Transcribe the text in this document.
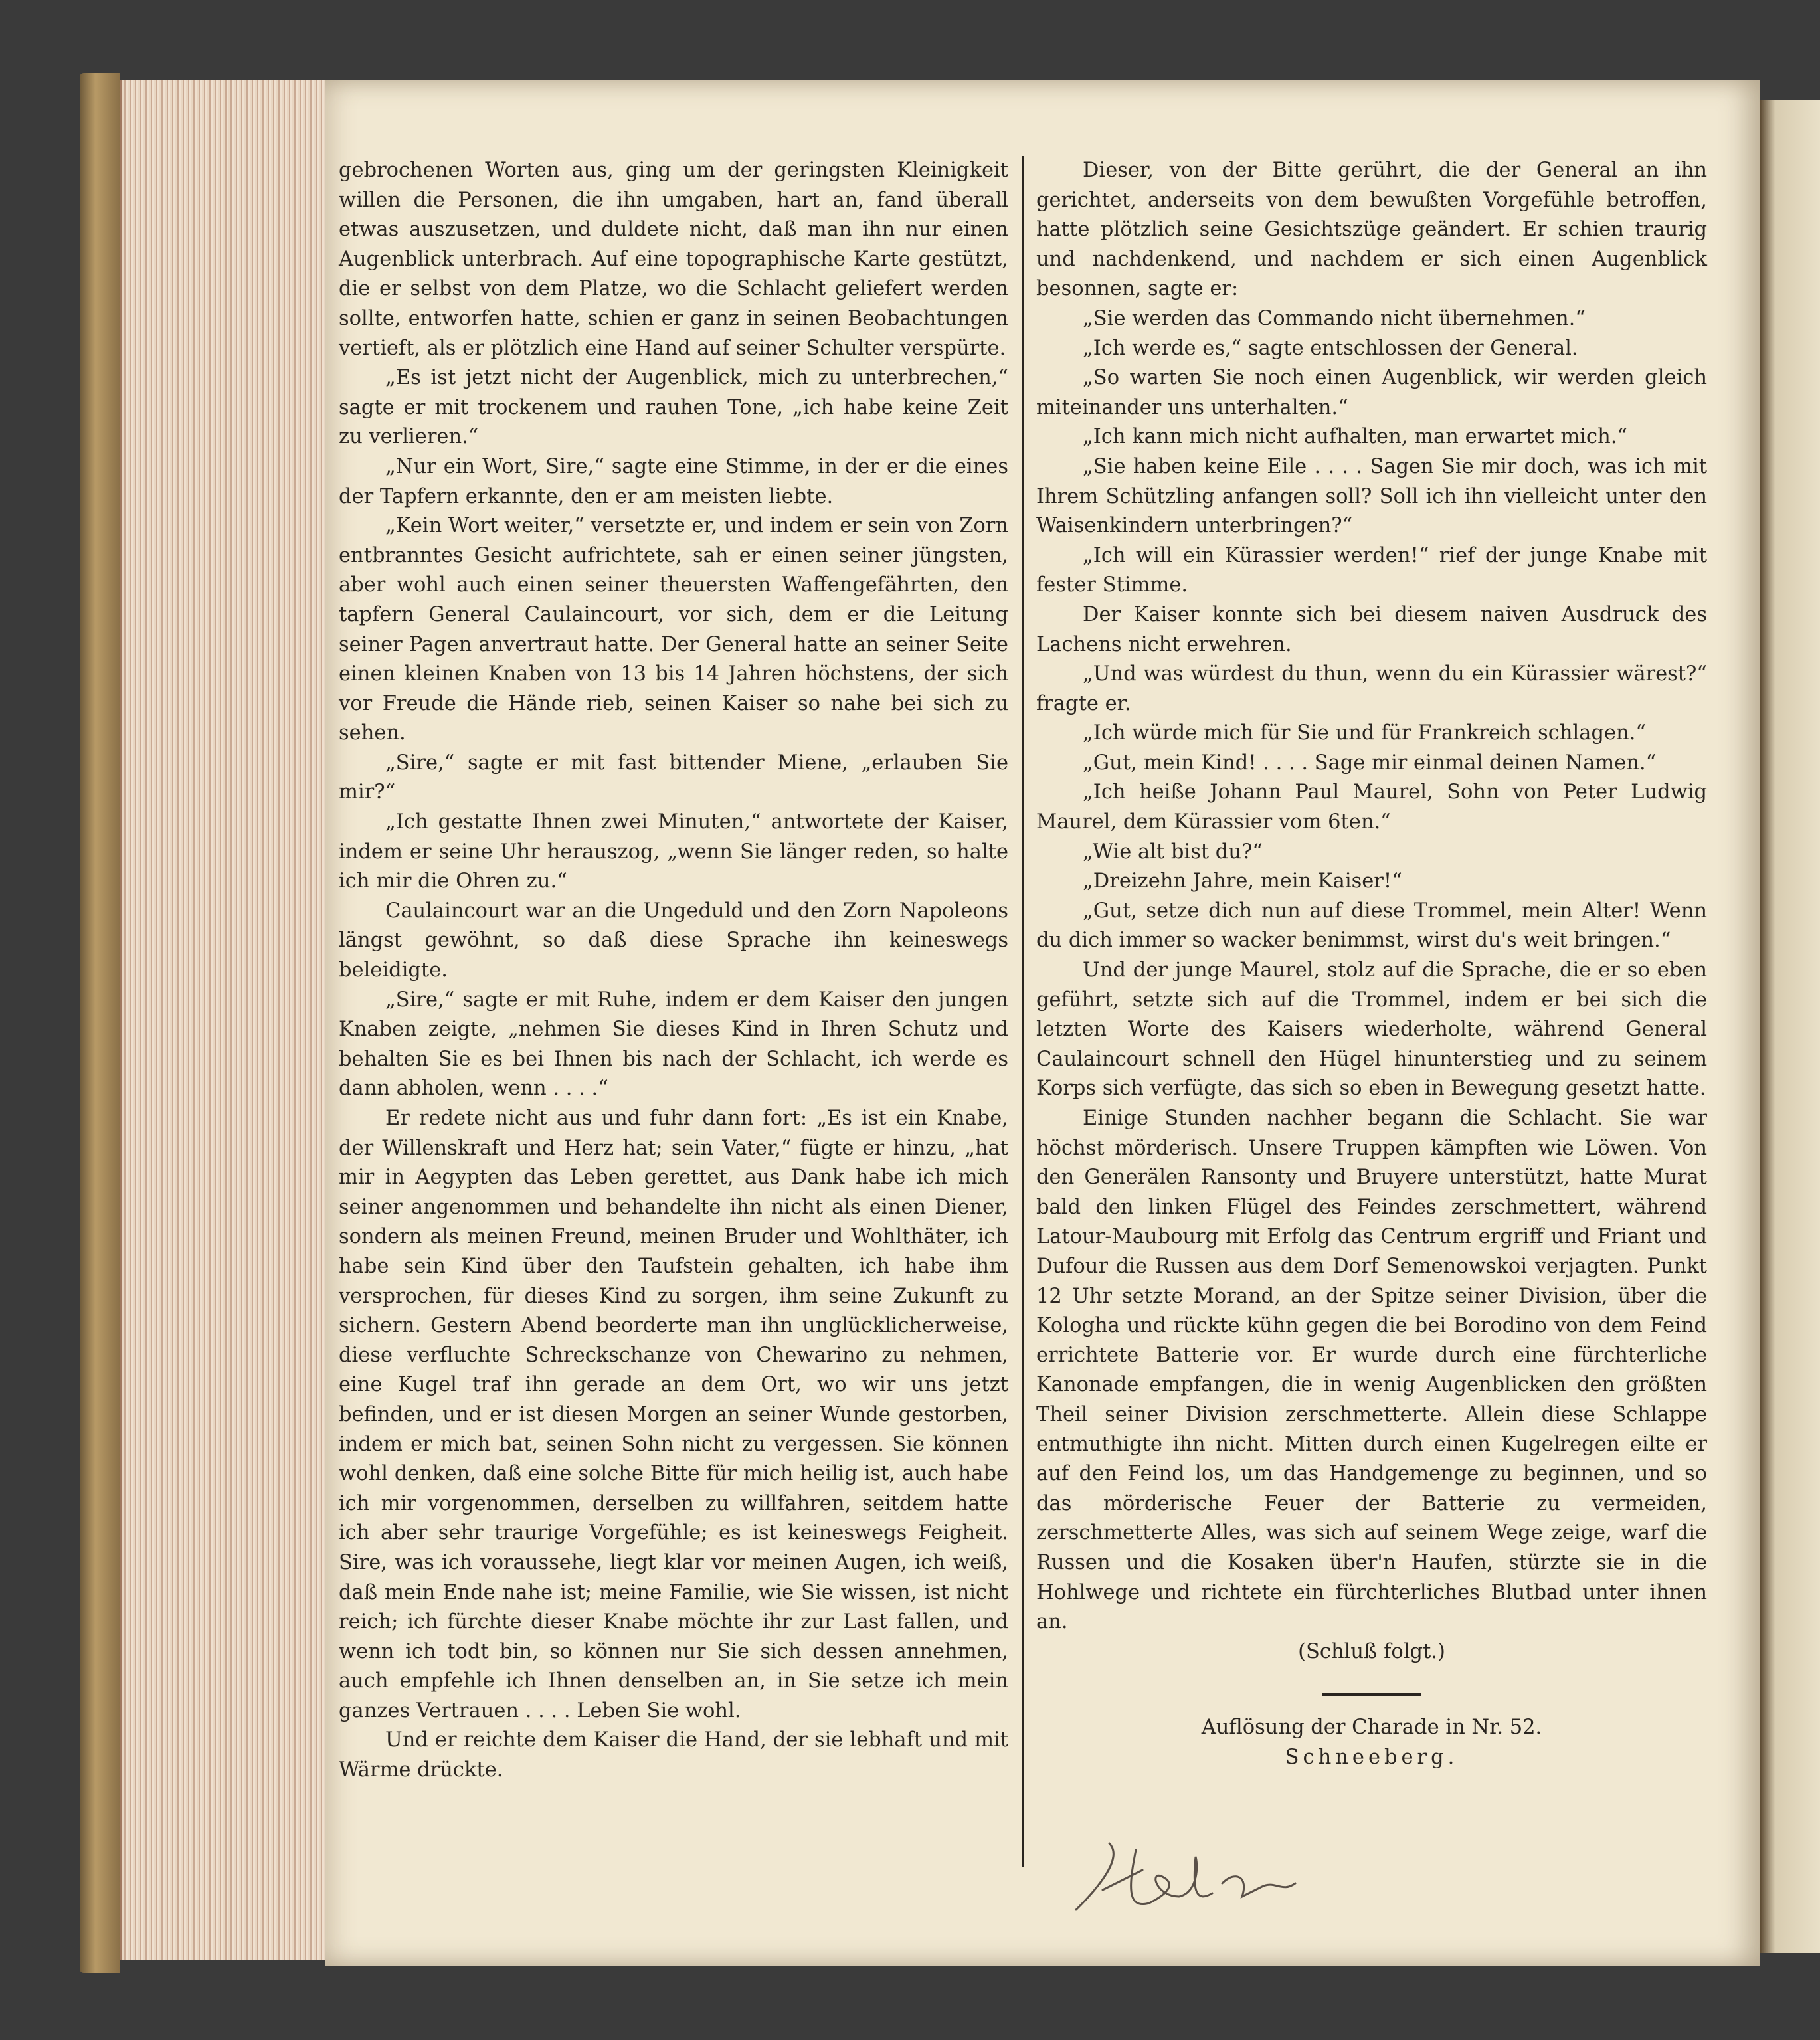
gebrochenen Worten aus, ging um der geringsten Kleinigkeit willen die Personen, die ihn umgaben, hart an, fand überall etwas auszusetzen, und duldete nicht, daß man ihn nur einen Augenblick unterbrach. Auf eine topographische Karte gestützt, die er selbst von dem Platze, wo die Schlacht geliefert werden sollte, entworfen hatte, schien er ganz in seinen Beobachtungen vertieft, als er plötzlich eine Hand auf seiner Schulter verspürte.

„Es ist jetzt nicht der Augenblick, mich zu unterbrechen,“ sagte er mit trockenem und rauhen Tone, „ich habe keine Zeit zu verlieren.“

„Nur ein Wort, Sire,“ sagte eine Stimme, in der er die eines der Tapfern erkannte, den er am meisten liebte.

„Kein Wort weiter,“ versetzte er, und indem er sein von Zorn entbranntes Gesicht aufrichtete, sah er einen seiner jüngsten, aber wohl auch einen seiner theuersten Waffengefährten, den tapfern General Caulaincourt, vor sich, dem er die Leitung seiner Pagen anvertraut hatte. Der General hatte an seiner Seite einen kleinen Knaben von 13 bis 14 Jahren höchstens, der sich vor Freude die Hände rieb, seinen Kaiser so nahe bei sich zu sehen.

„Sire,“ sagte er mit fast bittender Miene, „erlauben Sie mir?“

„Ich gestatte Ihnen zwei Minuten,“ antwortete der Kaiser, indem er seine Uhr herauszog, „wenn Sie länger reden, so halte ich mir die Ohren zu.“

Caulaincourt war an die Ungeduld und den Zorn Napoleons längst gewöhnt, so daß diese Sprache ihn keineswegs beleidigte.

„Sire,“ sagte er mit Ruhe, indem er dem Kaiser den jungen Knaben zeigte, „nehmen Sie dieses Kind in Ihren Schutz und behalten Sie es bei Ihnen bis nach der Schlacht, ich werde es dann abholen, wenn . . . .“

Er redete nicht aus und fuhr dann fort: „Es ist ein Knabe, der Willenskraft und Herz hat; sein Vater,“ fügte er hinzu, „hat mir in Aegypten das Leben gerettet, aus Dank habe ich mich seiner angenommen und behandelte ihn nicht als einen Diener, sondern als meinen Freund, meinen Bruder und Wohlthäter, ich habe sein Kind über den Taufstein gehalten, ich habe ihm versprochen, für dieses Kind zu sorgen, ihm seine Zukunft zu sichern. Gestern Abend beorderte man ihn unglücklicherweise, diese verfluchte Schreckschanze von Chewarino zu nehmen, eine Kugel traf ihn gerade an dem Ort, wo wir uns jetzt befinden, und er ist diesen Morgen an seiner Wunde gestorben, indem er mich bat, seinen Sohn nicht zu vergessen. Sie können wohl denken, daß eine solche Bitte für mich heilig ist, auch habe ich mir vorgenommen, derselben zu willfahren, seitdem hatte ich aber sehr traurige Vorgefühle; es ist keineswegs Feigheit. Sire, was ich voraussehe, liegt klar vor meinen Augen, ich weiß, daß mein Ende nahe ist; meine Familie, wie Sie wissen, ist nicht reich; ich fürchte dieser Knabe möchte ihr zur Last fallen, und wenn ich todt bin, so können nur Sie sich dessen annehmen, auch empfehle ich Ihnen denselben an, in Sie setze ich mein ganzes Vertrauen . . . . Leben Sie wohl.

Und er reichte dem Kaiser die Hand, der sie lebhaft und mit Wärme drückte.

Dieser, von der Bitte gerührt, die der General an ihn gerichtet, anderseits von dem bewußten Vorgefühle betroffen, hatte plötzlich seine Gesichtszüge geändert. Er schien traurig und nachdenkend, und nachdem er sich einen Augenblick besonnen, sagte er:

„Sie werden das Commando nicht übernehmen.“

„Ich werde es,“ sagte entschlossen der General.

„So warten Sie noch einen Augenblick, wir werden gleich miteinander uns unterhalten.“

„Ich kann mich nicht aufhalten, man erwartet mich.“

„Sie haben keine Eile . . . . Sagen Sie mir doch, was ich mit Ihrem Schützling anfangen soll? Soll ich ihn vielleicht unter den Waisenkindern unterbringen?“

„Ich will ein Kürassier werden!“ rief der junge Knabe mit fester Stimme.

Der Kaiser konnte sich bei diesem naiven Ausdruck des Lachens nicht erwehren.

„Und was würdest du thun, wenn du ein Kürassier wärest?“ fragte er.

„Ich würde mich für Sie und für Frankreich schlagen.“

„Gut, mein Kind! . . . . Sage mir einmal deinen Namen.“

„Ich heiße Johann Paul Maurel, Sohn von Peter Ludwig Maurel, dem Kürassier vom 6ten.“

„Wie alt bist du?“

„Dreizehn Jahre, mein Kaiser!“

„Gut, setze dich nun auf diese Trommel, mein Alter! Wenn du dich immer so wacker benimmst, wirst du's weit bringen.“

Und der junge Maurel, stolz auf die Sprache, die er so eben geführt, setzte sich auf die Trommel, indem er bei sich die letzten Worte des Kaisers wiederholte, während General Caulaincourt schnell den Hügel hinunterstieg und zu seinem Korps sich verfügte, das sich so eben in Bewegung gesetzt hatte.

Einige Stunden nachher begann die Schlacht. Sie war höchst mörderisch. Unsere Truppen kämpften wie Löwen. Von den Generälen Ransonty und Bruyere unterstützt, hatte Murat bald den linken Flügel des Feindes zerschmettert, während Latour-Maubourg mit Erfolg das Centrum ergriff und Friant und Dufour die Russen aus dem Dorf Semenowskoi verjagten. Punkt 12 Uhr setzte Morand, an der Spitze seiner Division, über die Kologha und rückte kühn gegen die bei Borodino von dem Feind errichtete Batterie vor. Er wurde durch eine fürchterliche Kanonade empfangen, die in wenig Augenblicken den größten Theil seiner Division zerschmetterte. Allein diese Schlappe entmuthigte ihn nicht. Mitten durch einen Kugelregen eilte er auf den Feind los, um das Handgemenge zu beginnen, und so das mörderische Feuer der Batterie zu vermeiden, zerschmetterte Alles, was sich auf seinem Wege zeige, warf die Russen und die Kosaken über'n Haufen, stürzte sie in die Hohlwege und richtete ein fürchterliches Blutbad unter ihnen an.

(Schluß folgt.)

Auflösung der Charade in Nr. 52.

Schneeberg.
